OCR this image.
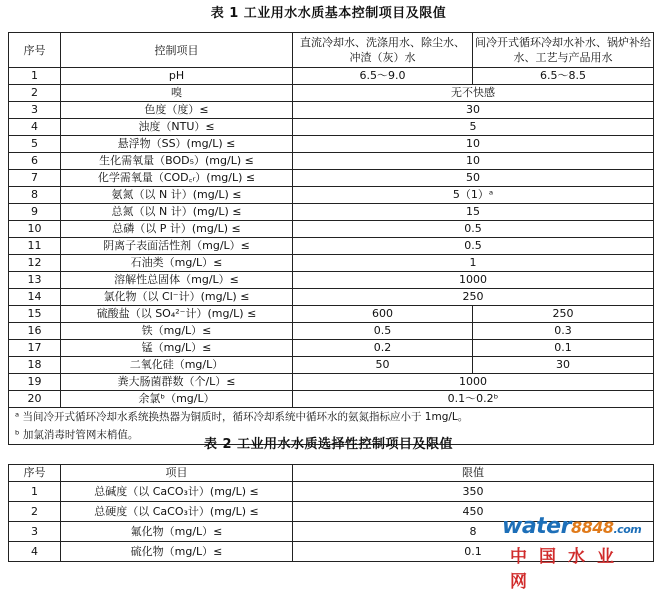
表 1 工业用水水质基本控制项目及限值
序号	控制项目	直流冷却水、洗涤用水、除尘水、冲渣（灰）水	间冷开式循环冷却水补水、锅炉补给水、工艺与产品用水
1	pH	6.5～9.0	6.5～8.5
2	嗅	无不快感	
3	色度（度）≤	30	
4	浊度（NTU）≤	5	
5	悬浮物（SS）(mg/L) ≤	10	
6	生化需氧量（BOD₅）(mg/L) ≤	10	
7	化学需氧量（COD꜀ᵣ）(mg/L) ≤	50	
8	氨氮（以 N 计）(mg/L) ≤	5（1）ᵃ	
9	总氮（以 N 计）(mg/L) ≤	15	
10	总磷（以 P 计）(mg/L) ≤	0.5	
11	阴离子表面活性剂（mg/L）≤	0.5	
12	石油类（mg/L）≤	1	
13	溶解性总固体（mg/L）≤	1000	
14	氯化物（以 Cl⁻计）(mg/L) ≤	250	
15	硫酸盐（以 SO₄²⁻计）(mg/L) ≤	600	250
16	铁（mg/L）≤	0.5	0.3
17	锰（mg/L）≤	0.2	0.1
18	二氧化硅（mg/L）	50	30
19	粪大肠菌群数（个/L）≤	1000	
20	余氯ᵇ（mg/L）	0.1～0.2ᵇ	
ᵃ 当间冷开式循环冷却水系统换热器为铜质时，循环冷却系统中循环水的氨氮指标应小于 1mg/L。			
ᵇ 加氯消毒时管网末梢值。			
表 2 工业用水水质选择性控制项目及限值
序号	项目	限值
1	总碱度（以 CaCO₃计）(mg/L) ≤	350
2	总硬度（以 CaCO₃计）(mg/L) ≤	450
3	氟化物（mg/L）≤	8
4	硫化物（mg/L）≤	0.1
water8848.com
中国水业网
